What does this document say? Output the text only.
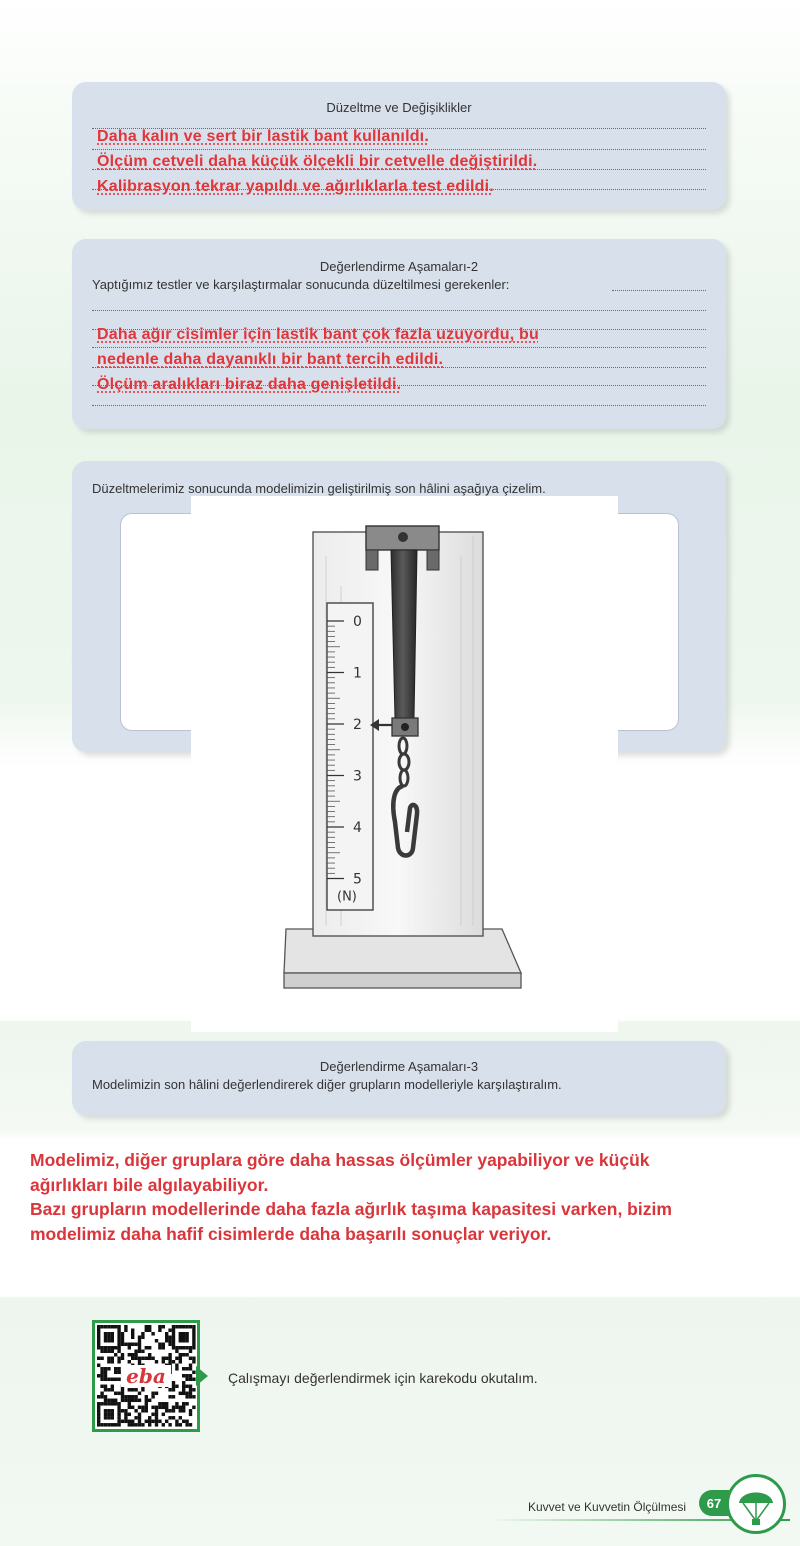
Düzeltme ve Değişiklikler
Daha kalın ve sert bir lastik bant kullanıldı.
Ölçüm cetveli daha küçük ölçekli bir cetvelle değiştirildi.
Kalibrasyon tekrar yapıldı ve ağırlıklarla test edildi.
Değerlendirme Aşamaları-2
Yaptığımız testler ve karşılaştırmalar sonucunda düzeltilmesi gerekenler:
Daha ağır cisimler için lastik bant çok fazla uzuyordu, bu
nedenle daha dayanıklı bir bant tercih edildi.
Ölçüm aralıkları biraz daha genişletildi.
Düzeltmelerimiz sonucunda modelimizin geliştirilmiş son hâlini aşağıya çizelim.
0
1
2
3
4
5
(N)
Değerlendirme Aşamaları-3
Modelimizin son hâlini değerlendirerek diğer grupların modelleriyle karşılaştıralım.
Modelimiz, diğer gruplara göre daha hassas ölçümler yapabiliyor ve küçük
ağırlıkları bile algılayabiliyor.
Bazı grupların modellerinde daha fazla ağırlık taşıma kapasitesi varken, bizim
modelimiz daha hafif cisimlerde daha başarılı sonuçlar veriyor.
eba	Çalışmayı değerlendirmek için karekodu okutalım.
Kuvvet ve Kuvvetin Ölçülmesi	67
